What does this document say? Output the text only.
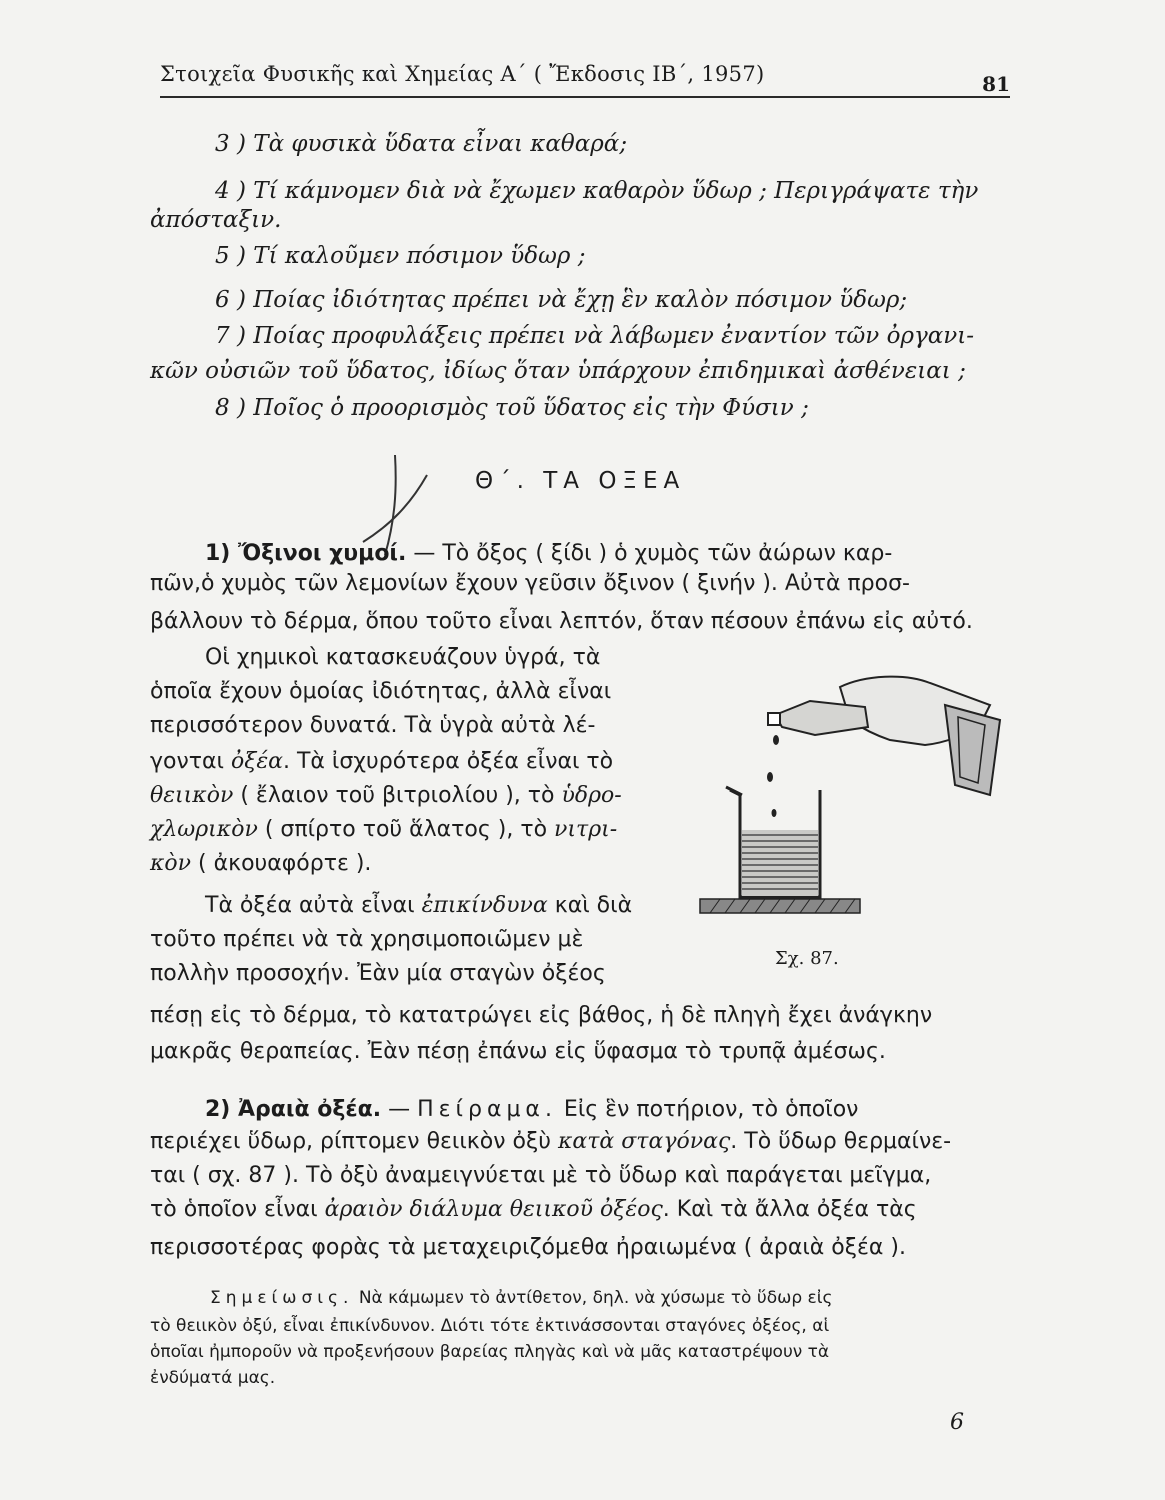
Στοιχεῖα Φυσικῆς καὶ Χημείας Α΄ ( Ἔκδοσις ΙΒ΄, 1957)	81
3 ) Τὰ φυσικὰ ὕδατα εἶναι καθαρά;
4 ) Τί κάμνομεν διὰ νὰ ἔχωμεν καθαρὸν ὕδωρ ; Περιγράψατε τὴν
ἀπόσταξιν.
5 ) Τί καλοῦμεν πόσιμον ὕδωρ ;
6 ) Ποίας ἰδιότητας πρέπει νὰ ἔχῃ ἓν καλὸν πόσιμον ὕδωρ;
7 ) Ποίας προφυλάξεις πρέπει νὰ λάβωμεν ἐναντίον τῶν ὀργανι-
κῶν οὐσιῶν τοῦ ὕδατος, ἰδίως ὅταν ὑπάρχουν ἐπιδημικαὶ ἀσθένειαι ;
8 ) Ποῖος ὁ προορισμὸς τοῦ ὕδατος εἰς τὴν Φύσιν ;
Θ΄. ΤΑ ΟΞΕΑ
1) Ὄξινοι χυμοί. — Τὸ ὄξος ( ξίδι ) ὁ χυμὸς τῶν ἀώρων καρ-
πῶν,ὁ χυμὸς τῶν λεμονίων ἔχουν γεῦσιν ὄξινον ( ξινήν ). Αὐτὰ προσ-
βάλλουν τὸ δέρμα, ὅπου τοῦτο εἶναι λεπτόν, ὅταν πέσουν ἐπάνω εἰς αὐτό.
Οἱ χημικοὶ κατασκευάζουν ὑγρά, τὰ
ὁποῖα ἔχουν ὁμοίας ἰδιότητας, ἀλλὰ εἶναι
περισσότερον δυνατά. Τὰ ὑγρὰ αὐτὰ λέ-
γονται ὀξέα. Τὰ ἰσχυρότερα ὀξέα εἶναι τὸ
θειικὸν ( ἔλαιον τοῦ βιτριολίου ), τὸ ὑδρο-
χλωρικὸν ( σπίρτο τοῦ ἅλατος ), τὸ νιτρι-
κὸν ( ἀκουαφόρτε ).
Τὰ ὀξέα αὐτὰ εἶναι ἐπικίνδυνα καὶ διὰ
τοῦτο πρέπει νὰ τὰ χρησιμοποιῶμεν μὲ
πολλὴν προσοχήν. Ἐὰν μία σταγὼν ὀξέος
πέσῃ εἰς τὸ δέρμα, τὸ κατατρώγει εἰς βάθος, ἡ δὲ πληγὴ ἔχει ἀνάγκην
μακρᾶς θεραπείας. Ἐὰν πέσῃ ἐπάνω εἰς ὕφασμα τὸ τρυπᾷ ἀμέσως.
Σχ. 87.
2) Ἀραιὰ ὀξέα. — Πείραμα. Εἰς ἓν ποτήριον, τὸ ὁποῖον
περιέχει ὕδωρ, ρίπτομεν θειικὸν ὀξὺ κατὰ σταγόνας. Τὸ ὕδωρ θερμαίνε-
ται ( σχ. 87 ). Τὸ ὀξὺ ἀναμειγνύεται μὲ τὸ ὕδωρ καὶ παράγεται μεῖγμα,
τὸ ὁποῖον εἶναι ἀραιὸν διάλυμα θειικοῦ ὀξέος. Καὶ τὰ ἄλλα ὀξέα τὰς
περισσοτέρας φορὰς τὰ μεταχειριζόμεθα ἠραιωμένα ( ἀραιὰ ὀξέα ).
Σημείωσις. Νὰ κάμωμεν τὸ ἀντίθετον, δηλ. νὰ χύσωμε τὸ ὕδωρ εἰς
τὸ θειικὸν ὀξύ, εἶναι ἐπικίνδυνον. Διότι τότε ἐκτινάσσονται σταγόνες ὀξέος, αἱ
ὁποῖαι ἠμποροῦν νὰ προξενήσουν βαρείας πληγὰς καὶ νὰ μᾶς καταστρέψουν τὰ
ἐνδύματά μας.
6
